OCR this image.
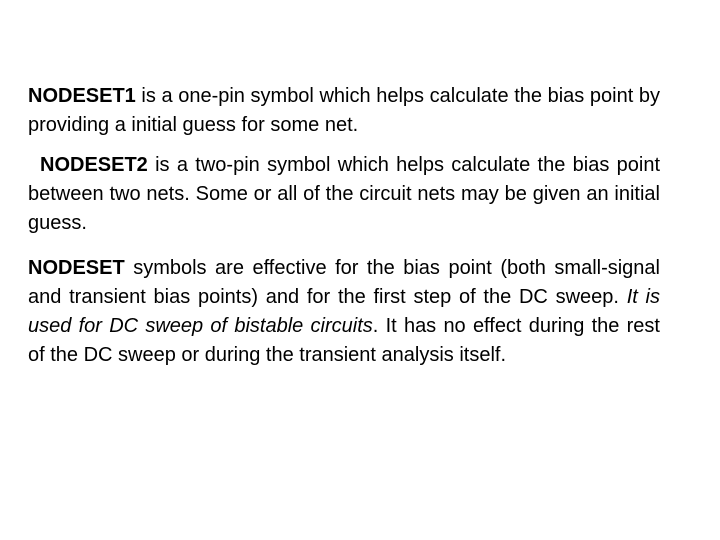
NODESET1 is a one-pin symbol which helps calculate the bias point by providing a initial guess for some net.

NODESET2 is a two-pin symbol which helps calculate the bias point between two nets. Some or all of the circuit nets may be given an initial guess.

NODESET symbols are effective for the bias point (both small-signal and transient bias points) and for the first step of the DC sweep. It is used for DC sweep of bistable circuits. It has no effect during the rest of the DC sweep or during the transient analysis itself.
